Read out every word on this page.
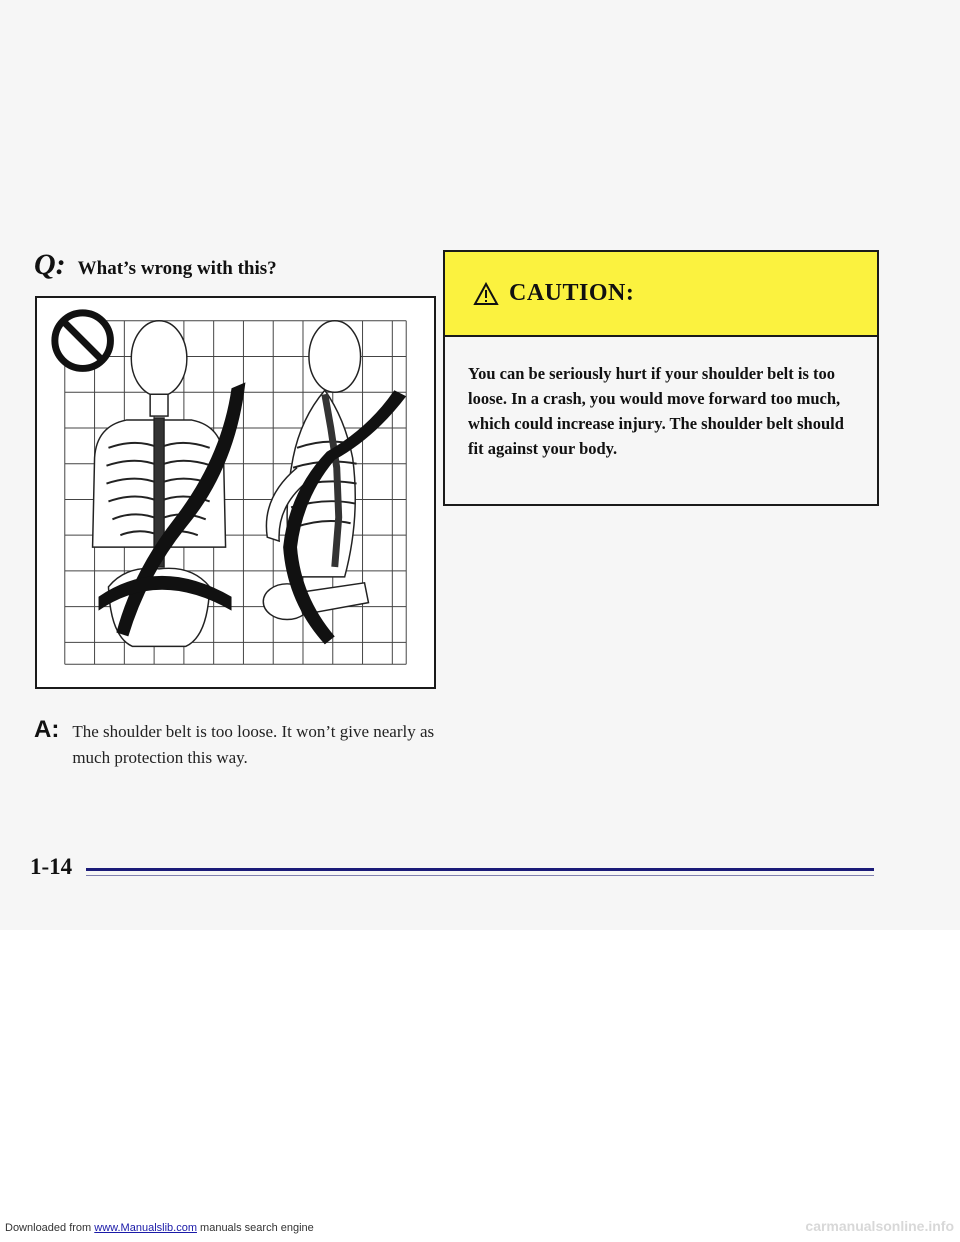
Q: What’s wrong with this?
A: The shoulder belt is too loose. It won’t give nearly as much protection this way.
CAUTION:
You can be seriously hurt if your shoulder belt is too loose. In a crash, you would move forward too much, which could increase injury. The shoulder belt should fit against your body.
1-14
Downloaded from www.Manualslib.com manuals search engine	carmanualsonline.info
